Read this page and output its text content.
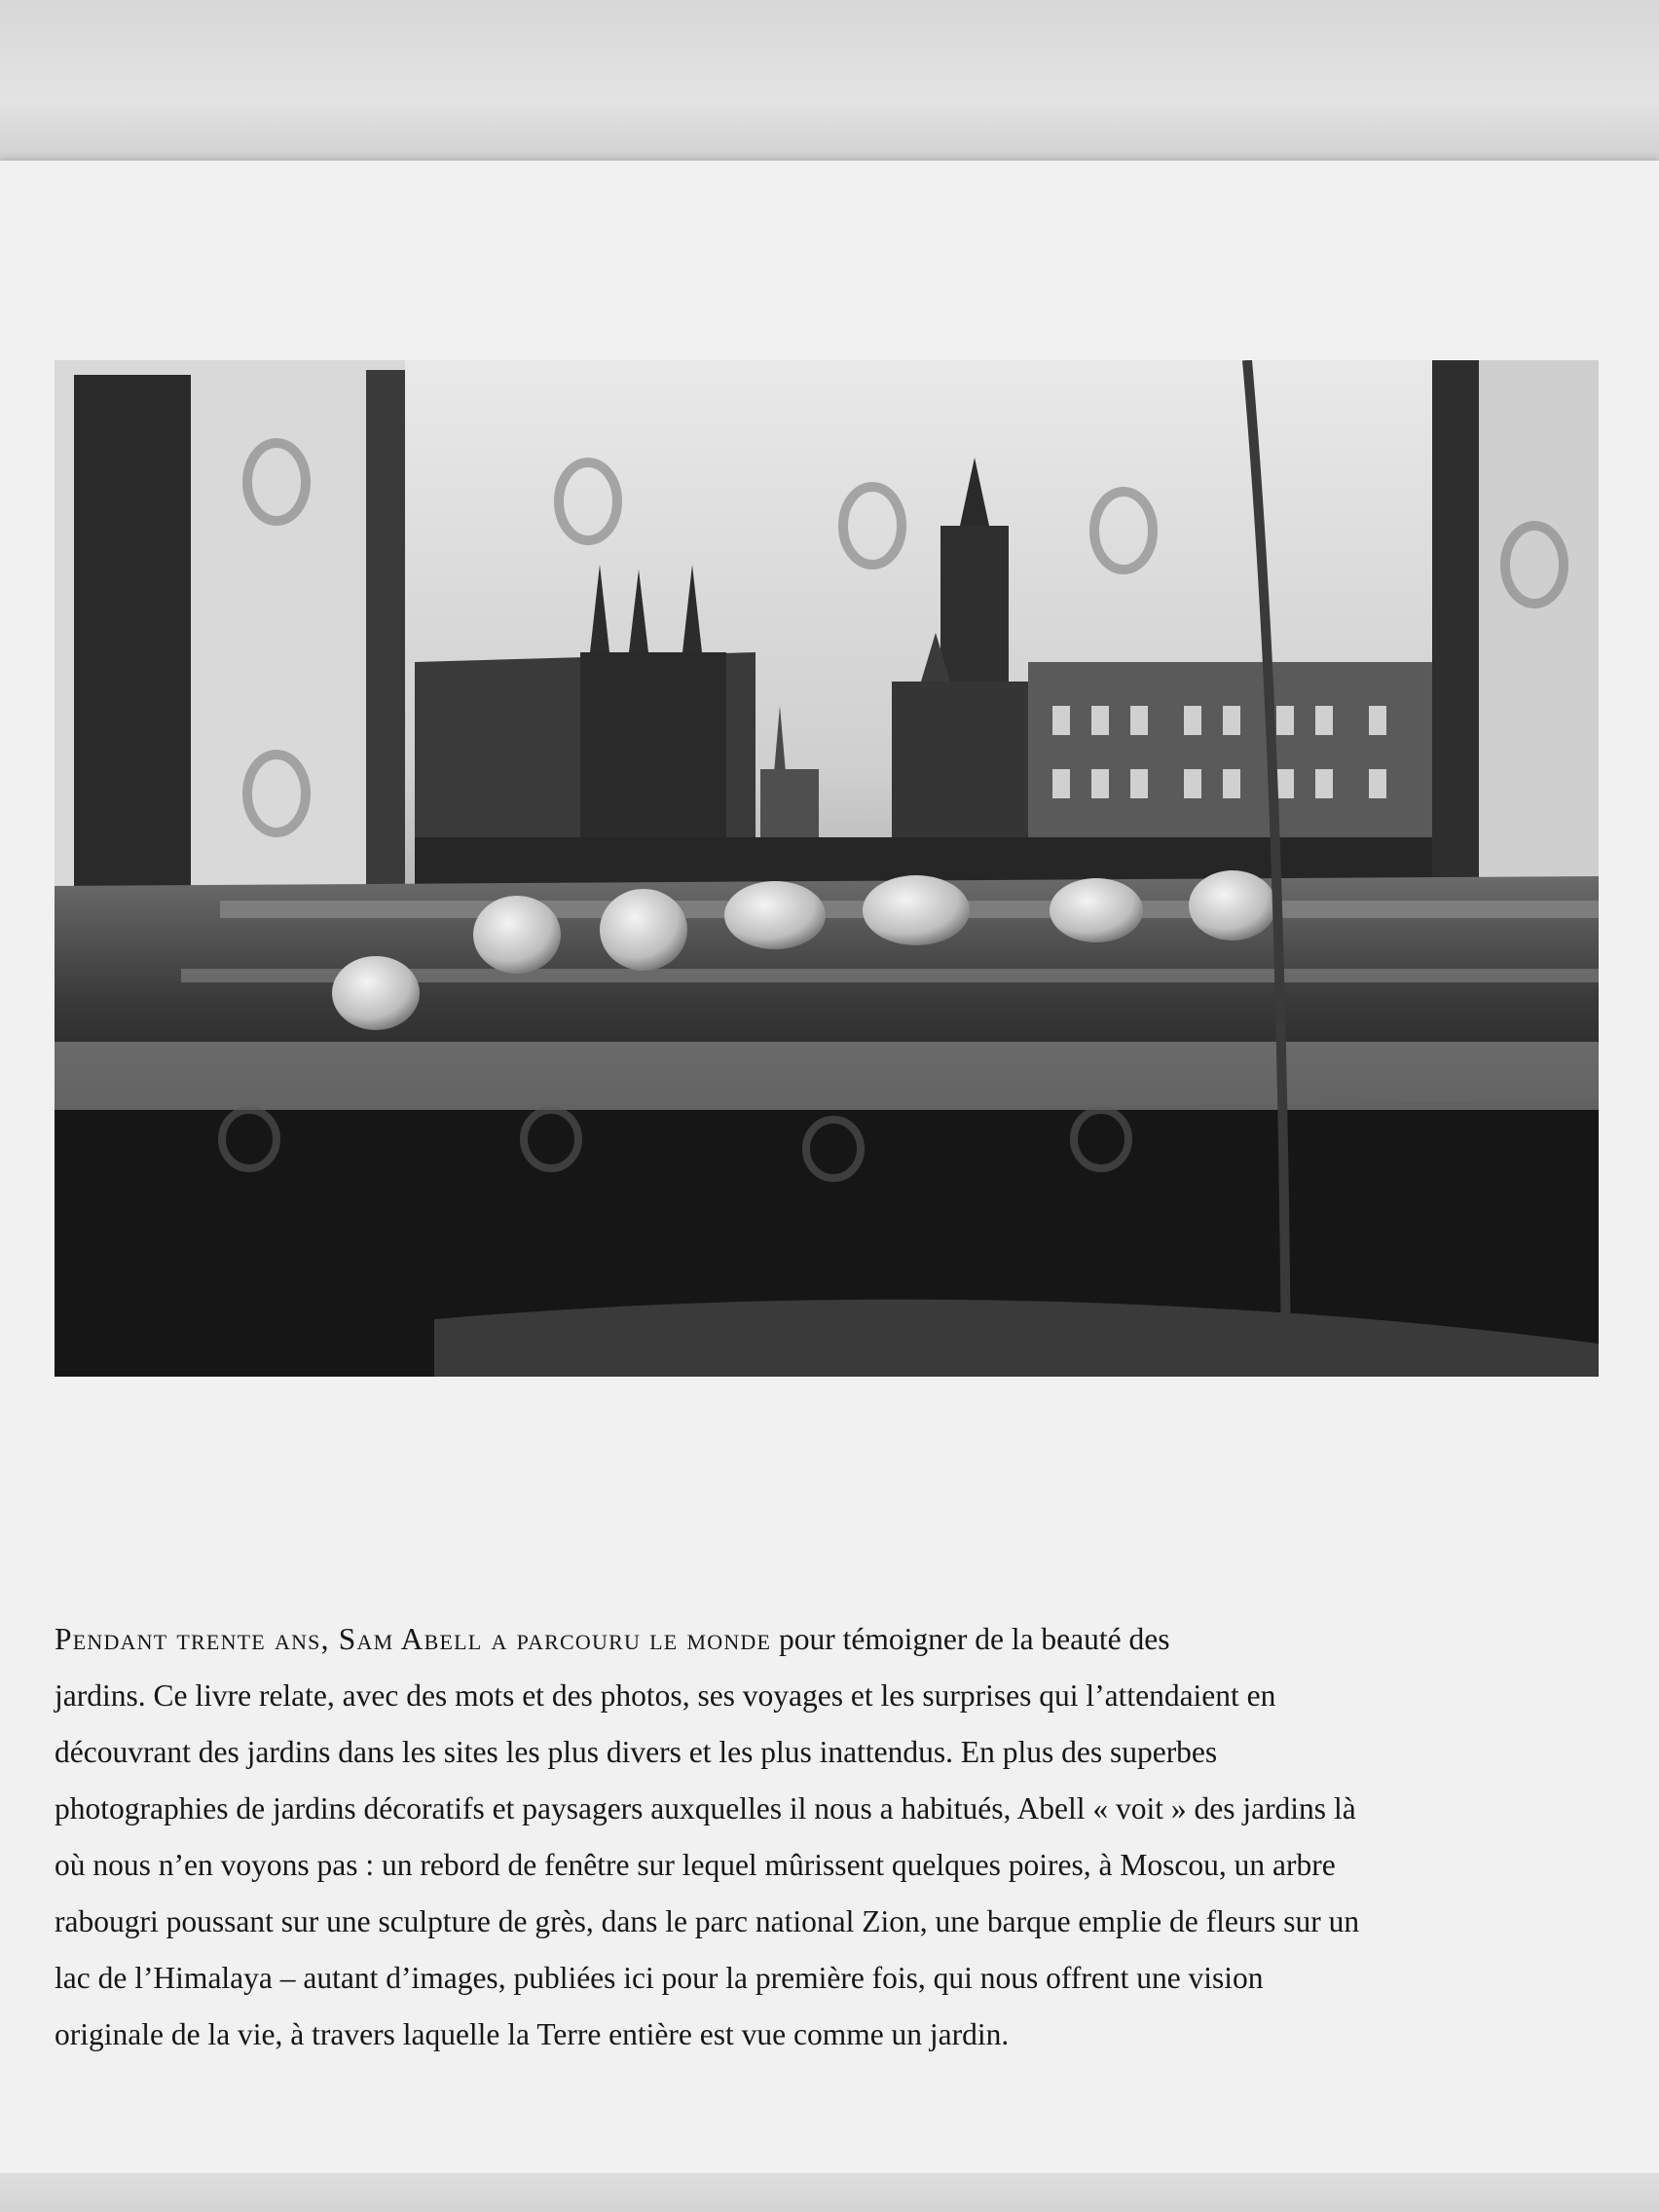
Pendant trente ans, Sam Abell a parcouru le monde pour témoigner de la beauté des
jardins. Ce livre relate, avec des mots et des photos, ses voyages et les surprises qui l’attendaient en
découvrant des jardins dans les sites les plus divers et les plus inattendus. En plus des superbes
photographies de jardins décoratifs et paysagers auxquelles il nous a habitués, Abell « voit » des jardins là
où nous n’en voyons pas : un rebord de fenêtre sur lequel mûrissent quelques poires, à Moscou, un arbre
rabougri poussant sur une sculpture de grès, dans le parc national Zion, une barque emplie de fleurs sur un
lac de l’Himalaya – autant d’images, publiées ici pour la première fois, qui nous offrent une vision
originale de la vie, à travers laquelle la Terre entière est vue comme un jardin.
